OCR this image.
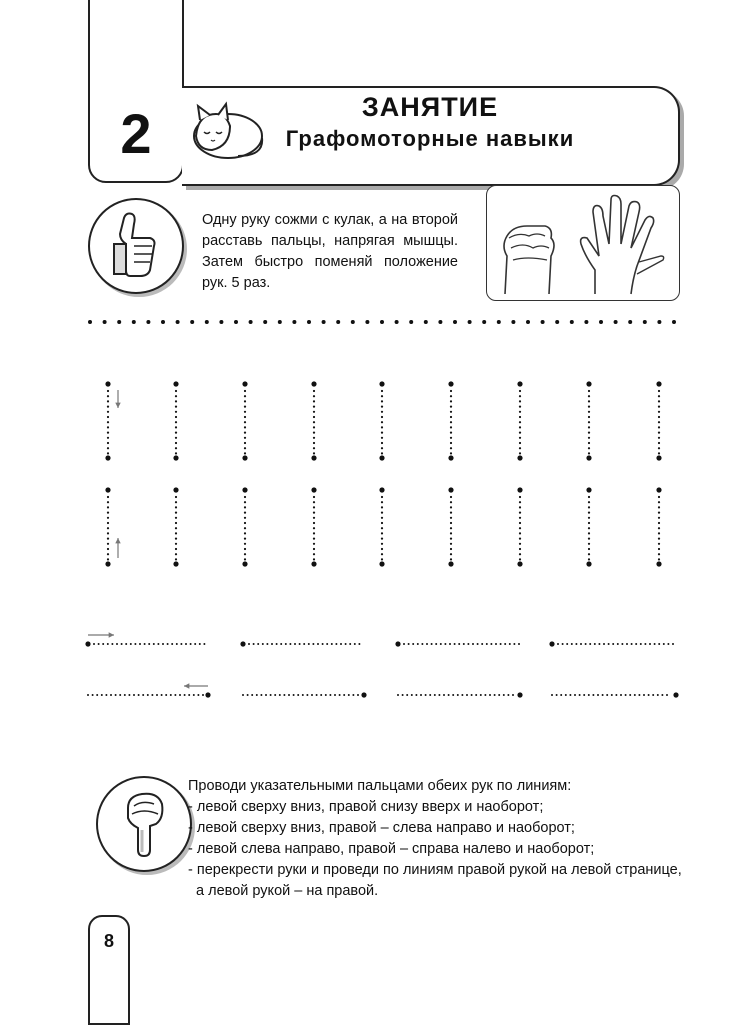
2	ЗАНЯТИЕ
Графомоторные навыки
Одну руку сожми с кулак, а на второй расставь пальцы, напрягая мышцы. Затем быстро поменяй положение рук. 5 раз.

Проводи указательными пальцами обеих рук по линиям:

- левой сверху вниз, правой снизу вверх и наоборот;

- левой сверху вниз, правой – слева направо и наоборот;

- левой слева направо, правой – справа налево и наоборот;

- перекрести руки и проведи по линиям правой рукой на левой странице,

а левой рукой – на правой.

8
